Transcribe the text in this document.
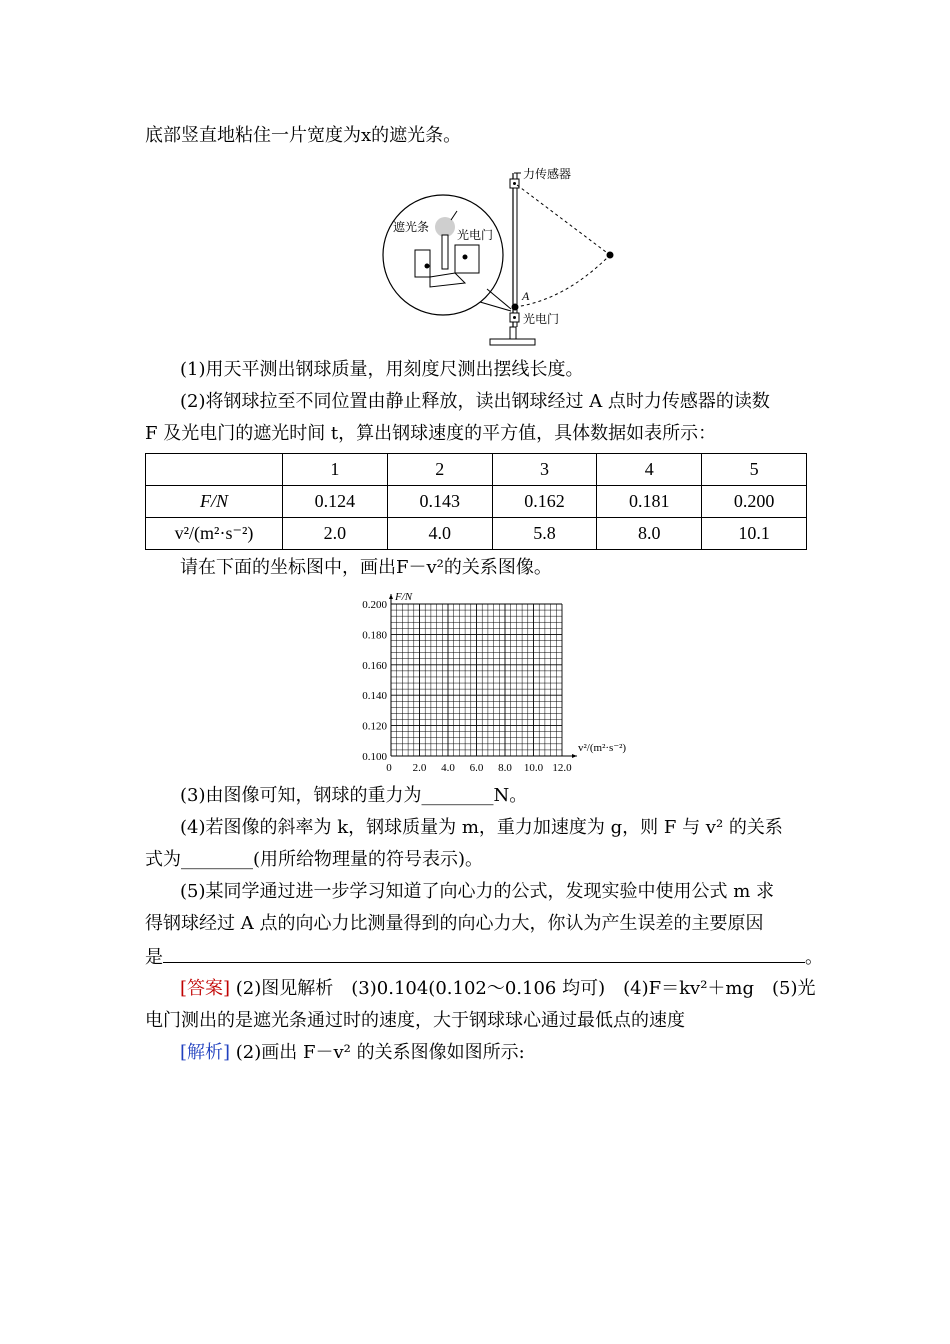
底部竖直地粘住一片宽度为x的遮光条。
力传感器
遮光条
光电门
A
光电门
(1)用天平测出钢球质量，用刻度尺测出摆线长度。
(2)将钢球拉至不同位置由静止释放，读出钢球经过 A 点时力传感器的读数
F 及光电门的遮光时间 t，算出钢球速度的平方值，具体数据如表所示：
	1	2	3	4	5
F/N	0.124	0.143	0.162	0.181	0.200
v²/(m²·s⁻²)	2.0	4.0	5.8	8.0	10.1
请在下面的坐标图中，画出F－v²的关系图像。
0.100
0.120
0.140
0.160
0.180
0.200
0 2.0 4.0 6.0 8.0 10.0 12.0
F/N
v²/(m²·s⁻²)
(3)由图像可知，钢球的重力为________N。
(4)若图像的斜率为 k，钢球质量为 m，重力加速度为 g，则 F 与 v² 的关系
式为________(用所给物理量的符号表示)。
(5)某同学通过进一步学习知道了向心力的公式，发现实验中使用公式 m 求
得钢球经过 A 点的向心力比测量得到的向心力大，你认为产生误差的主要原因
是	。
[答案] (2)图见解析　(3)0.104(0.102～0.106 均可)　(4)F＝kv²＋mg　(5)光
电门测出的是遮光条通过时的速度，大于钢球球心通过最低点的速度
[解析] (2)画出 F－v² 的关系图像如图所示:
